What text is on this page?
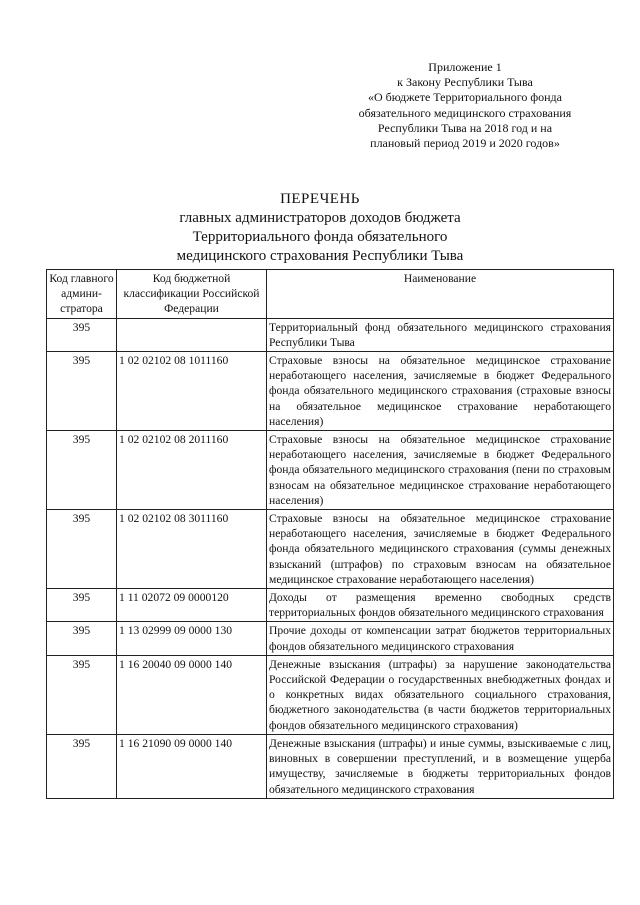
Приложение 1
к Закону Республики Тыва
«О бюджете Территориального фонда
обязательного медицинского страхования
Республики Тыва на 2018 год и на
плановый период 2019 и 2020 годов»
ПЕРЕЧЕНЬ
главных администраторов доходов бюджета
Территориального фонда обязательного
медицинского страхования Республики Тыва
Код главного админи-стратора	Код бюджетной классификации Российской Федерации	Наименование
395		Территориальный фонд обязательного медицинского страхования Республики Тыва
395	1 02 02102 08 1011160	Страховые взносы на обязательное медицинское страхование неработающего населения, зачисляемые в бюджет Федерального фонда обязательного медицинского страхования (страховые взносы на обязательное медицинское страхование неработающего населения)
395	1 02 02102 08 2011160	Страховые взносы на обязательное медицинское страхование неработающего населения, зачисляемые в бюджет Федерального фонда обязательного медицинского страхования (пени по страховым взносам на обязательное медицинское страхование неработающего населения)
395	1 02 02102 08 3011160	Страховые взносы на обязательное медицинское страхование неработающего населения, зачисляемые в бюджет Федерального фонда обязательного медицинского страхования (суммы денежных взысканий (штрафов) по страховым взносам на обязательное медицинское страхование неработающего населения)
395	1 11 02072 09 0000120	Доходы от размещения временно свободных средств территориальных фондов обязательного медицинского страхования
395	1 13 02999 09 0000 130	Прочие доходы от компенсации затрат бюджетов территориальных фондов обязательного медицинского страхования
395	1 16 20040 09 0000 140	Денежные взыскания (штрафы) за нарушение законодательства Российской Федерации о государственных внебюджетных фондах и о конкретных видах обязательного социального страхования, бюджетного законодательства (в части бюджетов территориальных фондов обязательного медицинского страхования)
395	1 16 21090 09 0000 140	Денежные взыскания (штрафы) и иные суммы, взыскиваемые с лиц, виновных в совершении преступлений, и в возмещение ущерба имуществу, зачисляемые в бюджеты территориальных фондов обязательного медицинского страхования
